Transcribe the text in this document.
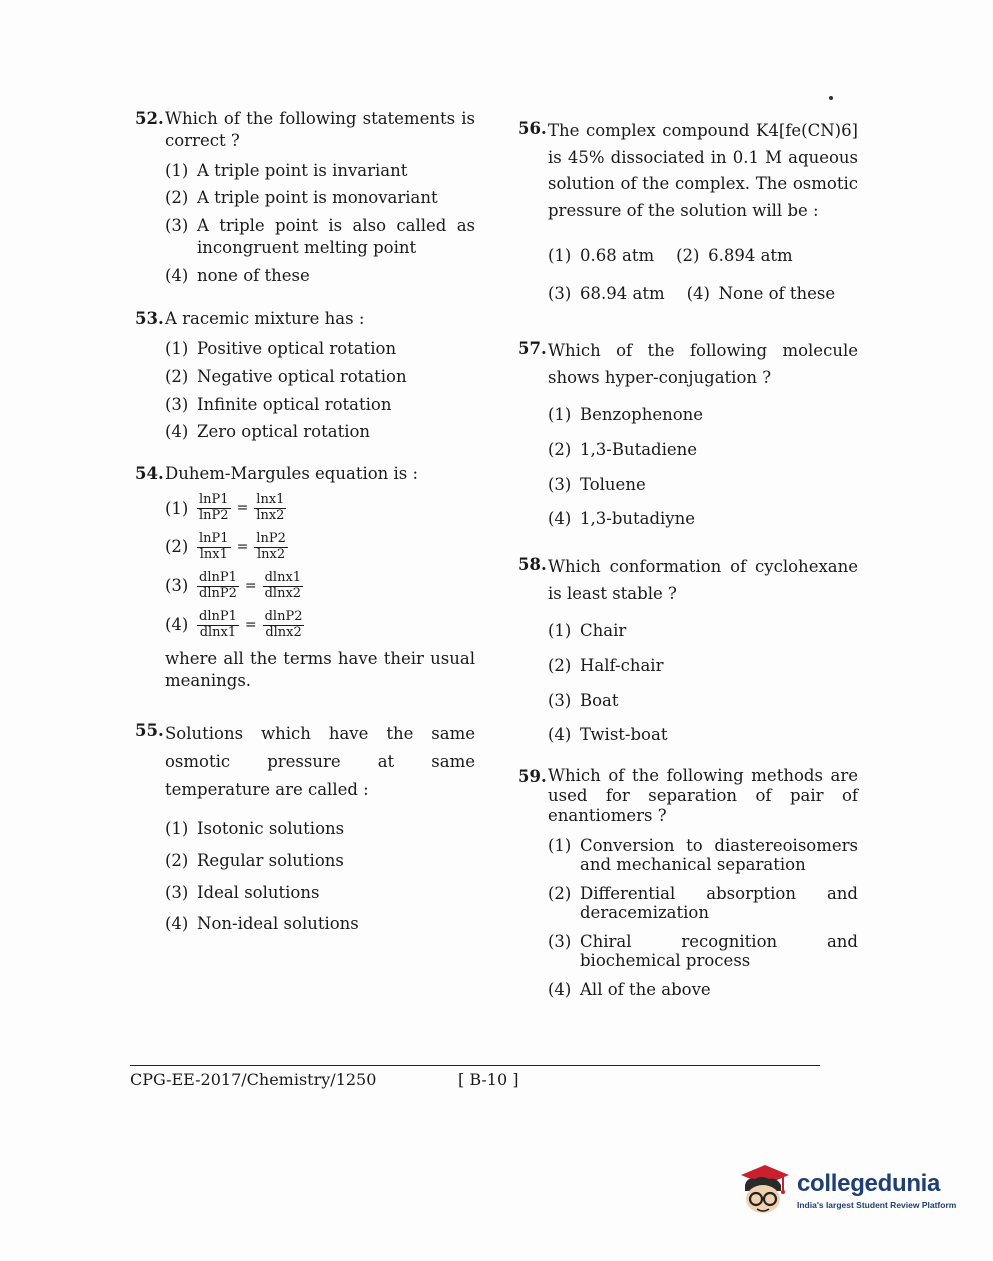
52. Which of the following statements is correct ?
(1) A triple point is invariant
(2) A triple point is monovariant
(3) A triple point is also called as incongruent melting point
(4) none of these
53. A racemic mixture has :
(1) Positive optical rotation
(2) Negative optical rotation
(3) Infinite optical rotation
(4) Zero optical rotation
54. Duhem-Margules equation is :
$(1) \frac{\ln P1}{\ln P2} = \frac{\ln x1}{\ln x2}$
$(2) \frac{\ln P1}{\ln x1} = \frac{\ln P2}{\ln x2}$
$(3) \frac{dlnP1}{dlnP2} = \frac{dlnx1}{dlnx2}$
$(4) \frac{dlnP1}{dlnx1} = \frac{dlnP2}{dlnx2}$
where all the terms have their usual meanings.
55. Solutions which have the same osmotic pressure at same temperature are called :
(1) Isotonic solutions
(2) Regular solutions
(3) Ideal solutions
(4) Non-ideal solutions
56. The complex compound K4[fe(CN)6] is 45% dissociated in 0.1 M aqueous solution of the complex. The osmotic pressure of the solution will be :
(1) 0.68 atm (2) 6.894 atm
(3) 68.94 atm (4) None of these
57. Which of the following molecule shows hyper-conjugation ?
(1) Benzophenone
(2) 1,3-Butadiene
(3) Toluene
(4) 1,3-butadiyne
58. Which conformation of cyclohexane is least stable ?
(1) Chair
(2) Half-chair
(3) Boat
(4) Twist-boat
59. Which of the following methods are used for separation of pair of enantiomers ?
(1) Conversion to diastereoisomers and mechanical separation
(2) Differential absorption and deracemization
(3) Chiral recognition and biochemical process
(4) All of the above
CPG-EE-2017/Chemistry/1250	[ B-10 ]
collegedunia
India's largest Student Review Platform
